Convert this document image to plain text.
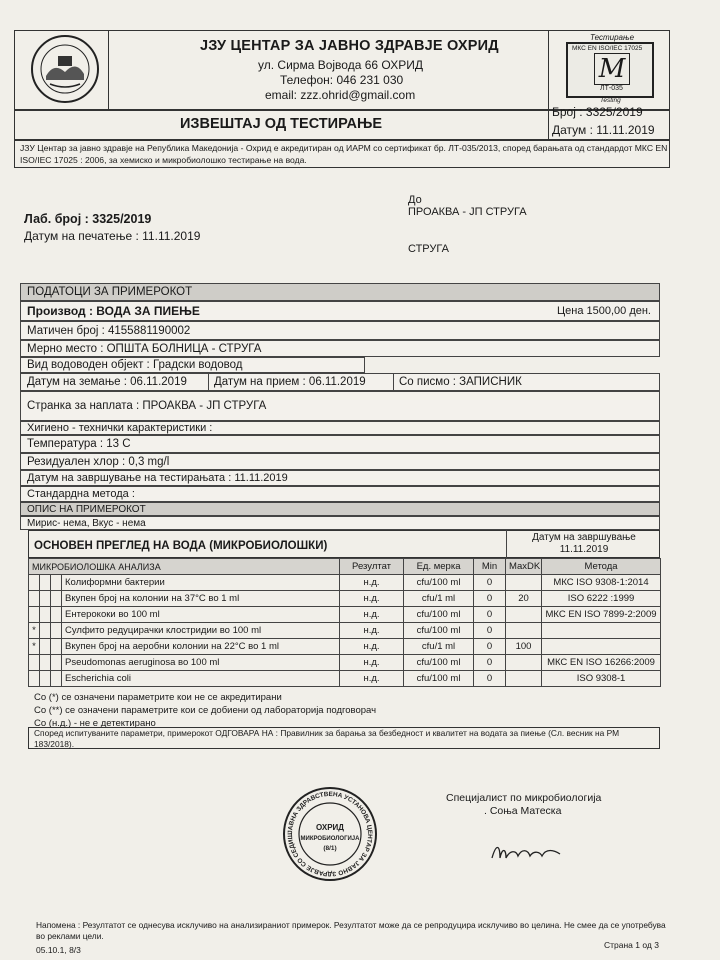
ЈЗУ ЦЕНТАР ЗА ЈАВНО ЗДРАВЈЕ ОХРИД
ул. Сирма Војвода 66 ОХРИД
Телефон: 046 231 030
email: zzz.ohrid@gmail.com
Тестирање
МКС EN ISO/IEC 17025
М
ЛТ-035
Testing
ИЗВЕШТАЈ ОД ТЕСТИРАЊЕ
Број : 3325/2019
Датум : 11.11.2019
ЈЗУ Центар за јавно здравје на Република Македонија - Охрид е акредитиран од ИАРМ со сертификат бр. ЛТ-035/2013, според барањата од стандардот МКС EN ISO/IEC 17025 : 2006, за хемиско и микробиолошко тестирање на вода.
Лаб. број : 3325/2019
Датум на печатење : 11.11.2019
До
ПРОАКВА - ЈП СТРУГА
СТРУГА
ПОДАТОЦИ ЗА ПРИМЕРОКОТ
Производ : ВОДА ЗА ПИЕЊЕ	Цена 1500,00 ден.
Матичен број : 4155881190002
Мерно место : ОПШТА БОЛНИЦА - СТРУГА
Вид водоводен објект : Градски водовод
Датум на земање : 06.11.2019 Датум на прием : 06.11.2019	Со писмо : ЗАПИСНИК
Странка за наплата : ПРОАКВА - ЈП СТРУГА
Хигиено - технички карактеристики :
Температура : 13 C
Резидуален хлор : 0,3 mg/l
Датум на завршување на тестирањата : 11.11.2019
Стандардна метода :
ОПИС НА ПРИМЕРОКОТ
Мирис- нема, Вкус - нема
ОСНОВЕН ПРЕГЛЕД НА ВОДА (МИКРОБИОЛОШКИ)
Датум на завршување
11.11.2019
МИКРОБИОЛОШКА АНАЛИЗА				Резултат	Ед. мерка	Min	MaxDK	Метода
			Колиформни бактерии	н.д.	cfu/100 ml	0		МКС ISO 9308-1:2014
			Вкупен број на колонии на 37°C во 1 ml	н.д.	cfu/1 ml	0	20	ISO 6222 :1999
			Ентерококи во 100 ml	н.д.	cfu/100 ml	0		МКС EN ISO 7899-2:2009
*			Сулфито редуцирачки клостридии во 100 ml	н.д.	cfu/100 ml	0		
*			Вкупен број на аеробни колонии на 22°C во 1 ml	н.д.	cfu/1 ml	0	100	
			Pseudomonas aeruginosa во 100 ml	н.д.	cfu/100 ml	0		МКС EN ISO 16266:2009
			Escherichia coli	н.д.	cfu/100 ml	0		ISO 9308-1
Со (*) се означени параметрите кои не се акредитирани
Со (**) се означени параметрите кои се добиени од лабораторија подговорач
Со (н.д.) - не е детектирано
Според испитуваните параметри, примерокот ОДГОВАРА НА : Правилник за барања за безбедност и квалитет на водата за пиење (Сл. весник на РМ 183/2018).
ЈАВНА ЗДРАВСТВЕНА УСТАНОВА ЦЕНТАР ЗА ЈАВНО ЗДРАВЈЕ СО СЕДИШ
ОХРИД
МИКРОБИОЛОГИЈА
(8/1)
Специјалист по микробиологија
. Соња Матеска
Напомена : Резултатот се однесува исклучиво на анализираниот примерок. Резултатот може да се репродуцира исклучиво во целина. Не смее да се употребува во реклами цели.
05.10.1, 8/3	Страна 1 од 3
